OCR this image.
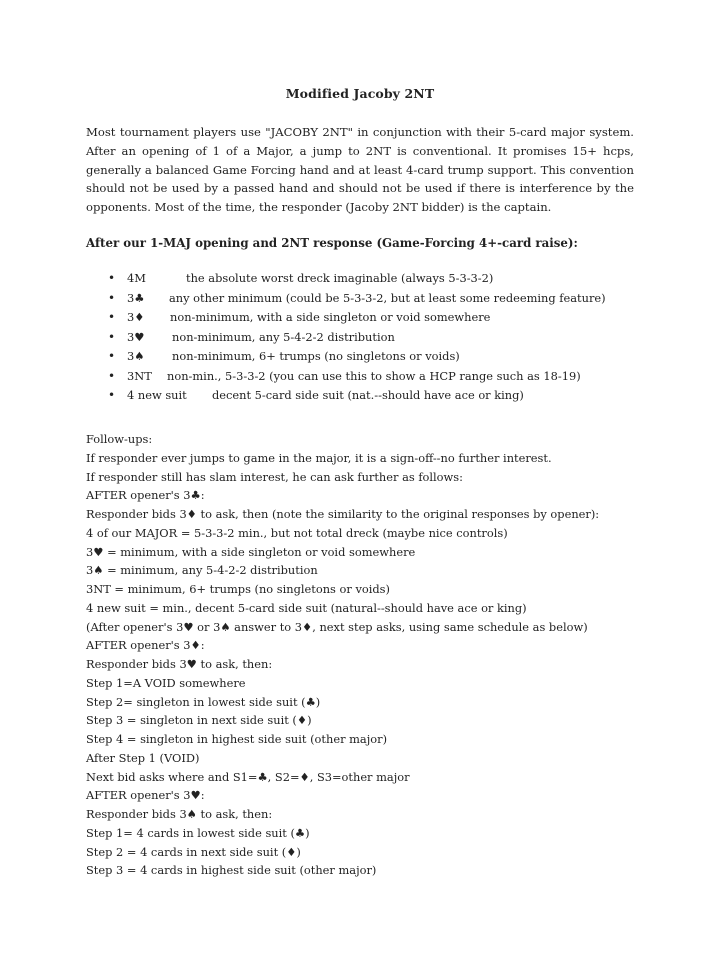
Modified Jacoby 2NT

Most tournament players use "JACOBY 2NT" in conjunction with their 5-card major system. After an opening of 1 of a Major, a jump to 2NT is conventional. It promises 15+ hcps, generally a balanced Game Forcing hand and at least 4-card trump support. This convention should not be used by a passed hand and should not be used if there is interference by the opponents. Most of the time, the responder (Jacoby 2NT bidder) is the captain.

After our 1-MAJ opening and 2NT response (Game-Forcing 4+-card raise):

• 4M	the absolute worst dreck imaginable (always 5-3-3-2)
• 3♣ any other minimum (could be 5-3-3-2, but at least some redeeming feature)
• 3♦ non-minimum, with a side singleton or void somewhere
• 3♥ non-minimum, any 5-4-2-2 distribution
• 3♠ non-minimum, 6+ trumps (no singletons or voids)
• 3NT non-min., 5-3-3-2 (you can use this to show a HCP range such as 18-19)
• 4 new suit decent 5-card side suit (nat.--should have ace or king)
Follow-ups:
If responder ever jumps to game in the major, it is a sign-off--no further interest.
If responder still has slam interest, he can ask further as follows:
AFTER opener's 3♣:
Responder bids 3♦ to ask, then (note the similarity to the original responses by opener):
4 of our MAJOR = 5-3-3-2 min., but not total dreck (maybe nice controls)
3♥ = minimum, with a side singleton or void somewhere
3♠ = minimum, any 5-4-2-2 distribution
3NT = minimum, 6+ trumps (no singletons or voids)
4 new suit = min., decent 5-card side suit (natural--should have ace or king)
(After opener's 3♥ or 3♠ answer to 3♦, next step asks, using same schedule as below)
AFTER opener's 3♦:
Responder bids 3♥ to ask, then:
Step 1=A VOID somewhere
Step 2= singleton in lowest side suit (♣)
Step 3 = singleton in next side suit (♦)
Step 4 = singleton in highest side suit (other major)
After Step 1 (VOID)
Next bid asks where and S1=♣, S2=♦, S3=other major
AFTER opener's 3♥:
Responder bids 3♠ to ask, then:
Step 1= 4 cards in lowest side suit (♣)
Step 2 = 4 cards in next side suit (♦)
Step 3 = 4 cards in highest side suit (other major)
